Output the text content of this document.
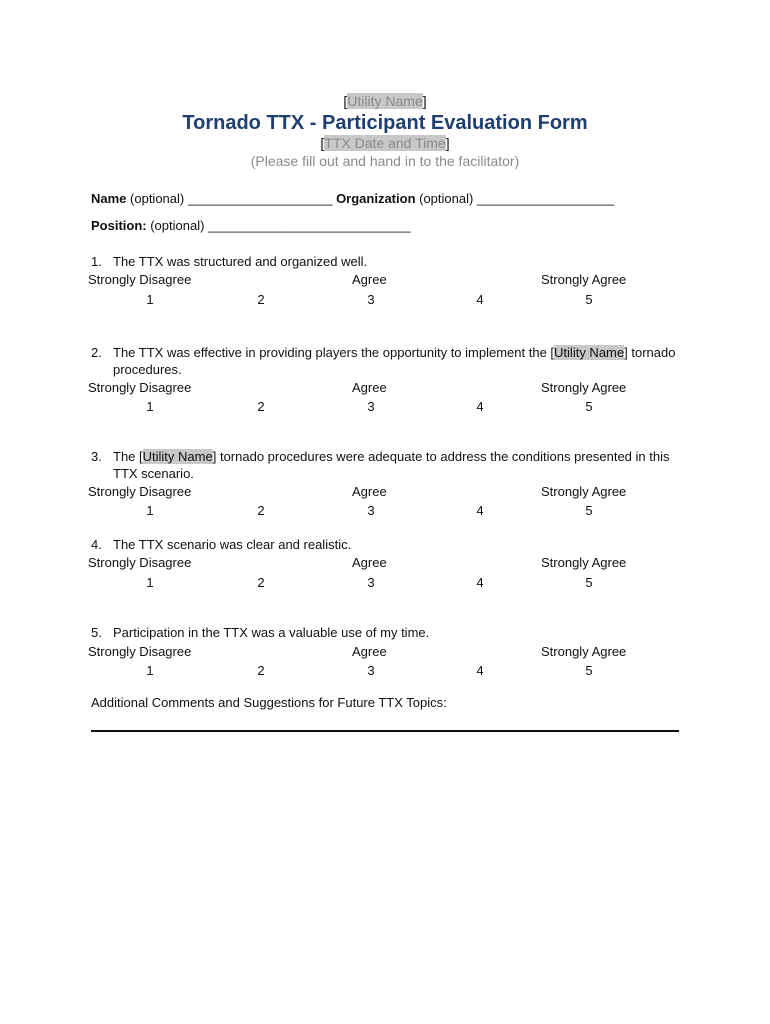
[Utility Name]
Tornado TTX - Participant Evaluation Form
[TTX Date and Time]
(Please fill out and hand in to the facilitator)
Name (optional) ____________________ Organization (optional) ___________________
Position: (optional) ____________________________
1. The TTX was structured and organized well.
Strongly Disagree	Agree	Strongly Agree
1	2	3	4	5
2. The TTX was effective in providing players the opportunity to implement the [Utility Name] tornado procedures.
Strongly Disagree	Agree	Strongly Agree
1	2	3	4	5
3. The [Utility Name] tornado procedures were adequate to address the conditions presented in this TTX scenario.
Strongly Disagree	Agree	Strongly Agree
1	2	3	4	5
4. The TTX scenario was clear and realistic.
Strongly Disagree	Agree	Strongly Agree
1	2	3	4	5
5. Participation in the TTX was a valuable use of my time.
Strongly Disagree	Agree	Strongly Agree
1	2	3	4	5
Additional Comments and Suggestions for Future TTX Topics:
